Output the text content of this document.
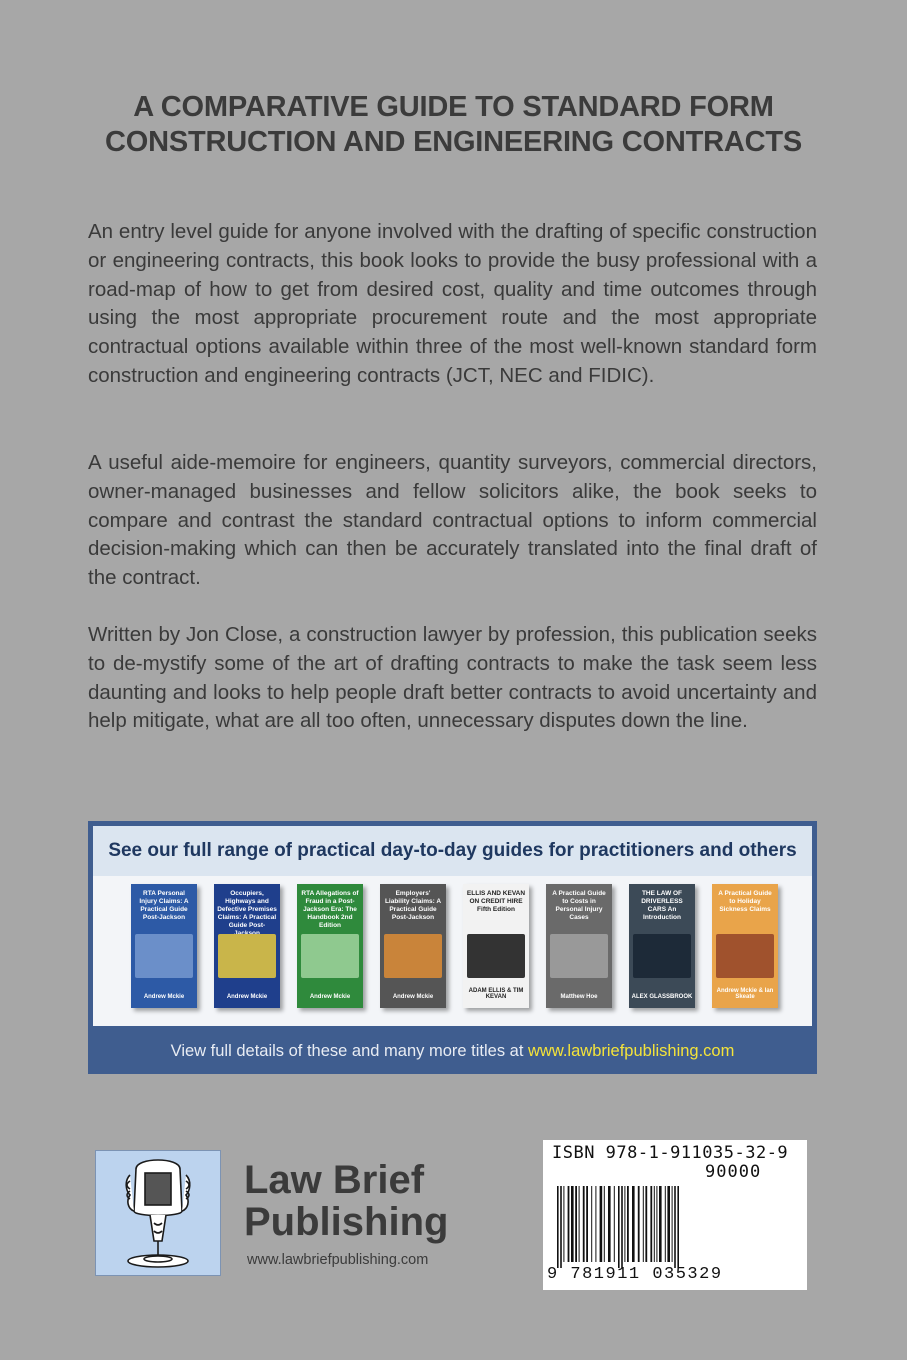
A COMPARATIVE GUIDE TO STANDARD FORM
CONSTRUCTION AND ENGINEERING CONTRACTS

An entry level guide for anyone involved with the drafting of specific construction or engineering contracts, this book looks to provide the busy professional with a road-map of how to get from desired cost, quality and time outcomes through using the most appropriate procurement route and the most appropriate contractual options available within three of the most well-known standard form construction and engineering contracts (JCT, NEC and FIDIC).

A useful aide-memoire for engineers, quantity surveyors, commercial directors, owner-managed businesses and fellow solicitors alike, the book seeks to compare and contrast the standard contractual options to inform commercial decision-making which can then be accurately translated into the final draft of the contract.

Written by Jon Close, a construction lawyer by profession, this publication seeks to de-mystify some of the art of drafting contracts to make the task seem less daunting and looks to help people draft better contracts to avoid uncertainty and help mitigate, what are all too often, unnecessary disputes down the line.

See our full range of practical day-to-day guides for practitioners and others
RTA Personal Injury Claims: A Practical Guide Post-Jackson
Andrew Mckie
Occupiers, Highways and Defective Premises Claims: A Practical Guide Post-
Andrew Mckie
RTA Allegations of Fraud in a Post-Jackson Era: The Handbook 2nd Edition
Andrew Mckie
Employers' Liability Claims: A Practical Guide Post-Jackson
Andrew Mckie
ELLIS AND KEVAN ON CREDIT HIRE Fifth Edition
ADAM ELLIS & TIM KEVAN
A Practical Guide to Costs in Personal Injury Cases
Matthew Hoe
THE LAW OF DRIVERLESS CARS An Introduction
ALEX GLASSBROOK
A Practical Guide to Holiday Sickness Claims
Andrew Mckie & Ian Skeate
View full details of these and many more titles at www.lawbriefpublishing.com
Law Brief
Publishing
www.lawbriefpublishing.com
ISBN 978-1-911035-32-9
90000
9 781911 035329
